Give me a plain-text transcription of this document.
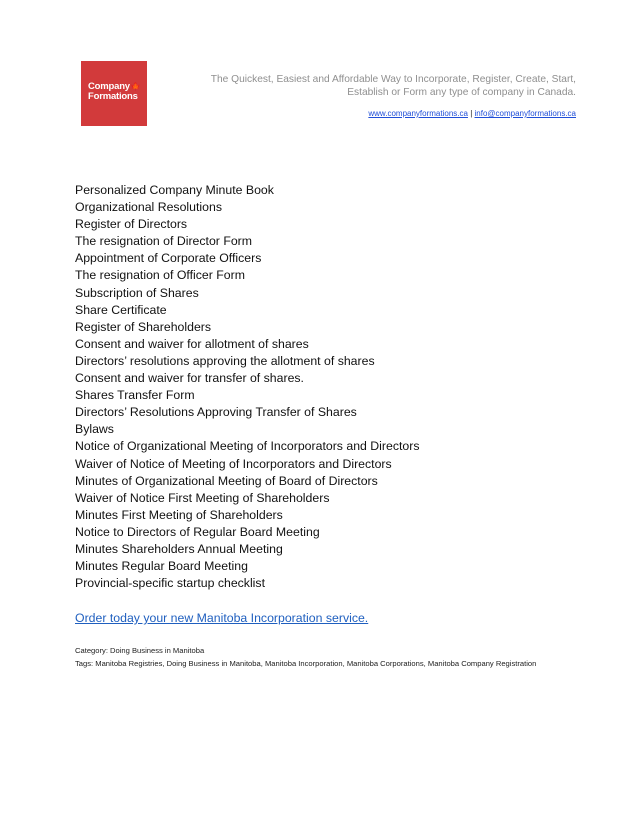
Company🍁
Formations
The Quickest, Easiest and Affordable Way to Incorporate, Register, Create, Start,
Establish or Form any type of company in Canada.
www.companyformations.ca | info@companyformations.ca
Personalized Company Minute Book
Organizational Resolutions
Register of Directors
The resignation of Director Form
Appointment of Corporate Officers
The resignation of Officer Form
Subscription of Shares
Share Certificate
Register of Shareholders
Consent and waiver for allotment of shares
Directors’ resolutions approving the allotment of shares
Consent and waiver for transfer of shares.
Shares Transfer Form
Directors’ Resolutions Approving Transfer of Shares
Bylaws
Notice of Organizational Meeting of Incorporators and Directors
Waiver of Notice of Meeting of Incorporators and Directors
Minutes of Organizational Meeting of Board of Directors
Waiver of Notice First Meeting of Shareholders
Minutes First Meeting of Shareholders
Notice to Directors of Regular Board Meeting
Minutes Shareholders Annual Meeting
Minutes Regular Board Meeting
Provincial-specific startup checklist
Order today your new Manitoba Incorporation service.
Category: Doing Business in Manitoba
Tags: Manitoba Registries, Doing Business in Manitoba, Manitoba Incorporation, Manitoba Corporations, Manitoba Company Registration
